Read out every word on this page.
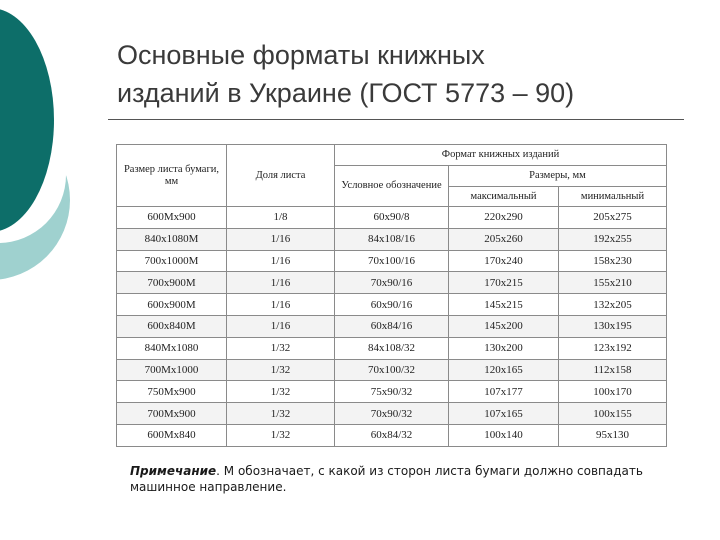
Основные форматы книжных
изданий в Украине (ГОСТ 5773 – 90)
Размер листа бумаги, мм	Доля листа	Формат книжных изданий		
		Условное обозначение	Размеры, мм	
			максимальный	минимальный
600Мx900	1/8	60x90/8	220x290	205x275
840x1080М	1/16	84x108/16	205x260	192x255
700x1000М	1/16	70x100/16	170x240	158x230
700x900М	1/16	70x90/16	170x215	155x210
600x900М	1/16	60x90/16	145x215	132x205
600x840М	1/16	60x84/16	145x200	130x195
840Мx1080	1/32	84x108/32	130x200	123x192
700Мx1000	1/32	70x100/32	120x165	112x158
750Мx900	1/32	75x90/32	107x177	100x170
700Мx900	1/32	70x90/32	107x165	100x155
600Мx840	1/32	60x84/32	100x140	95x130

Примечание. М обозначает, с какой из сторон листа бумаги должно совпадать машинное направление.
